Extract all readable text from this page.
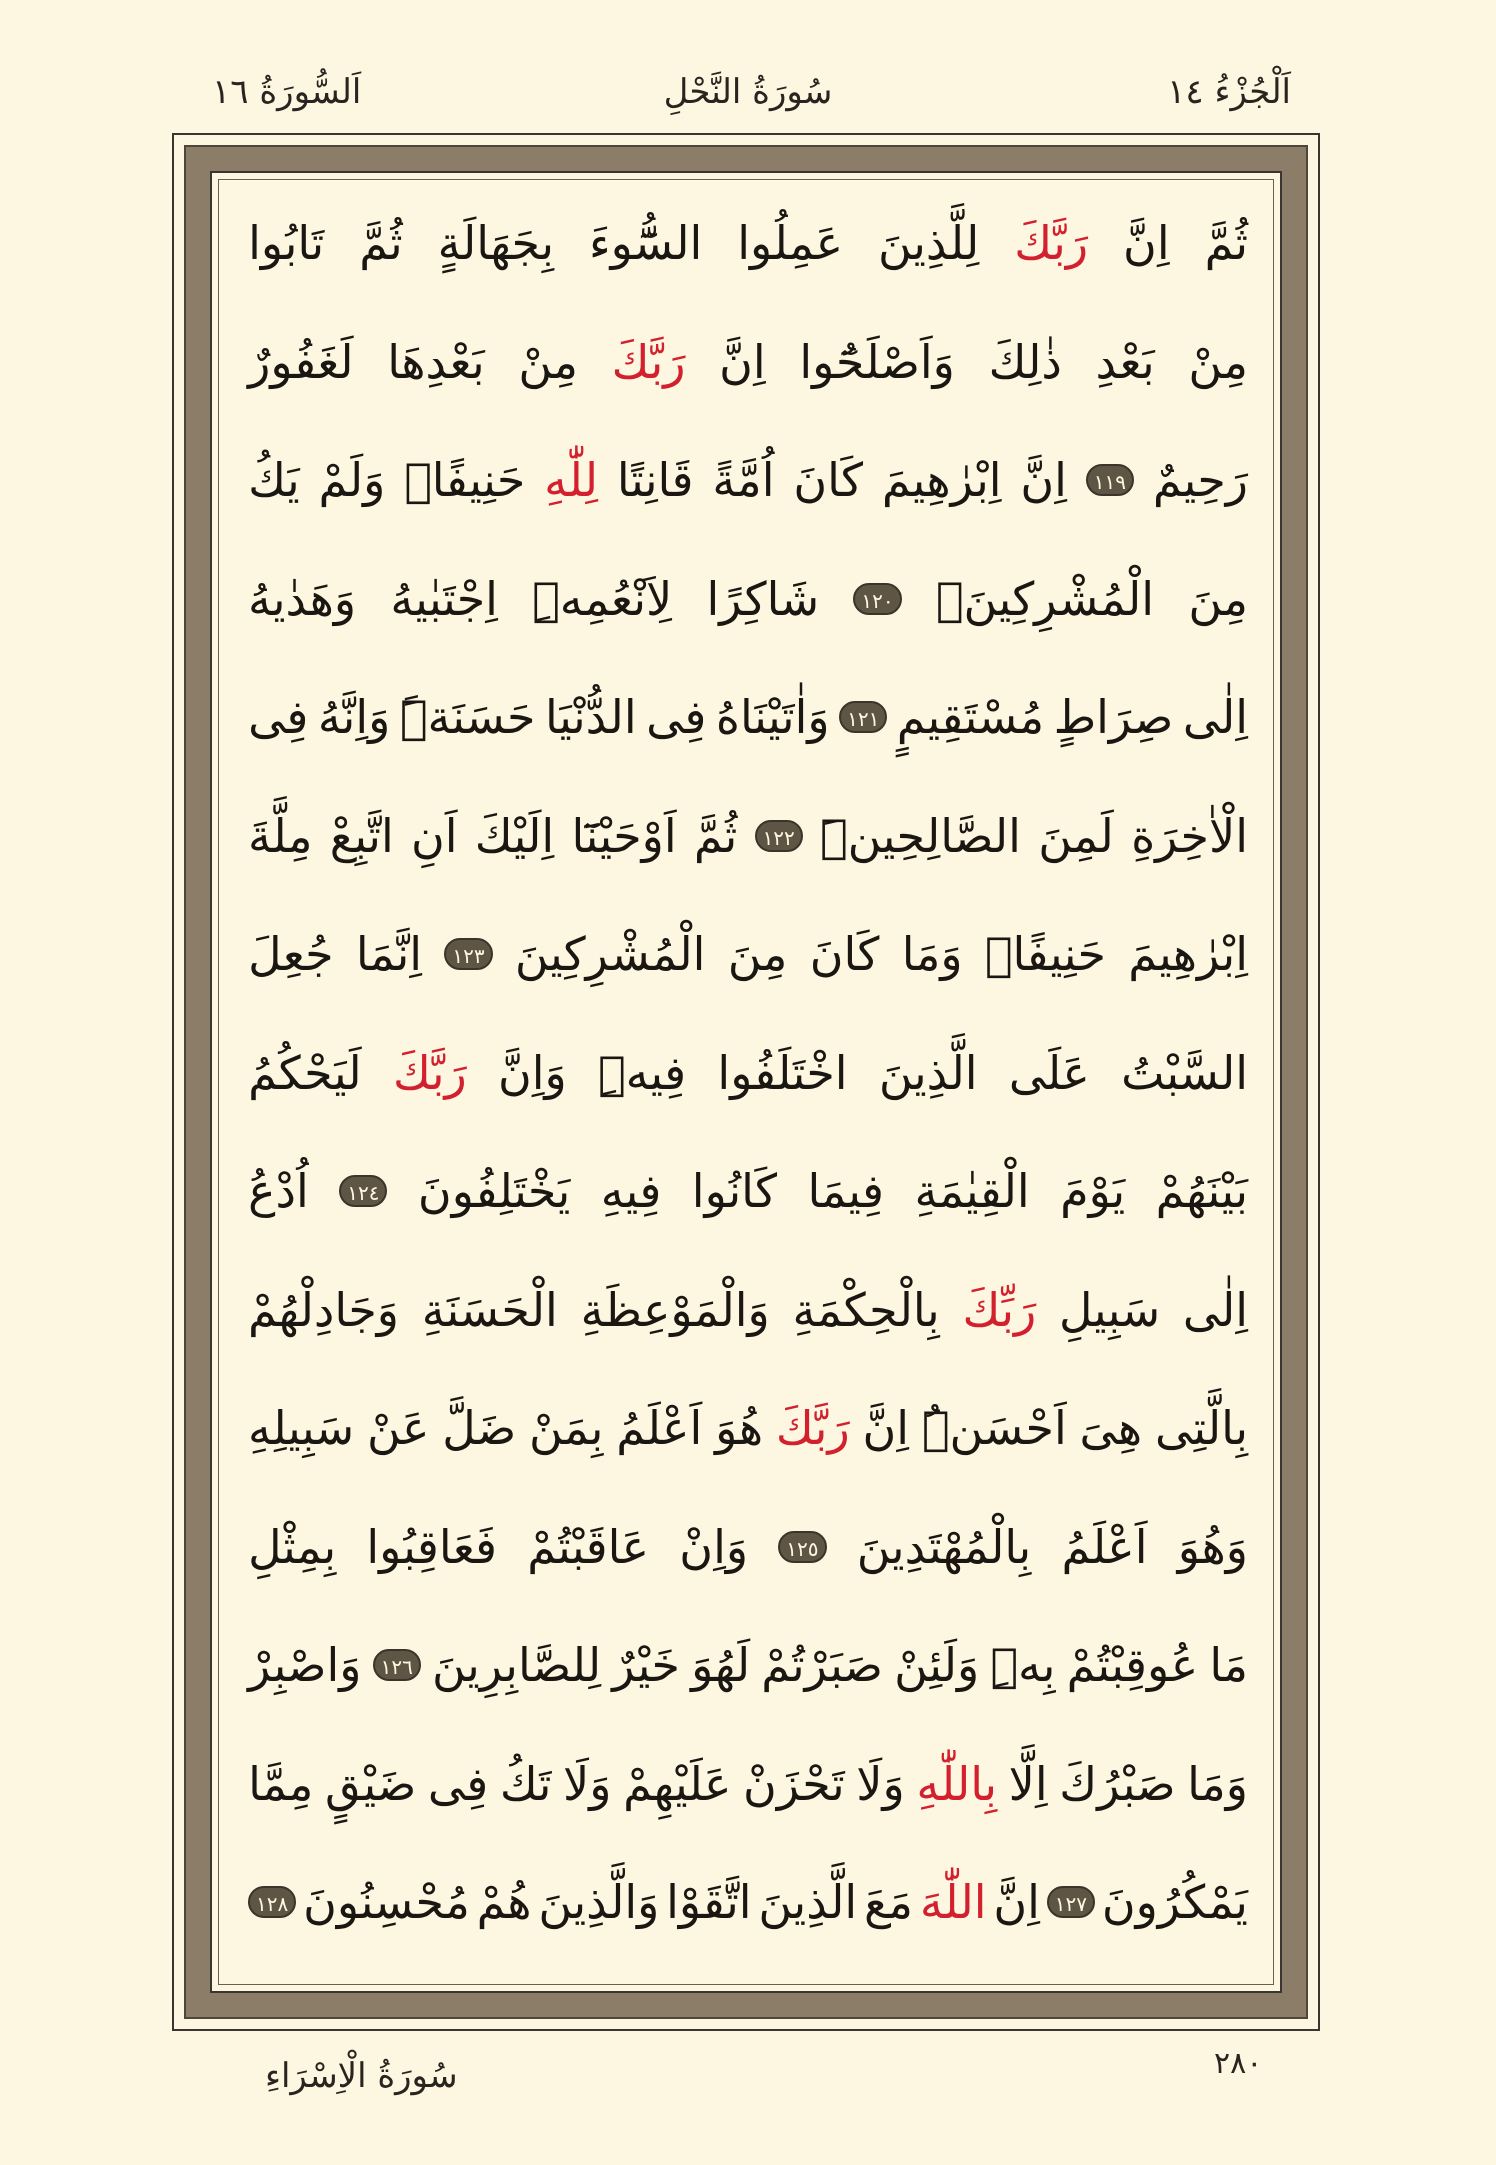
اَلْجُزْءُ ١٤
سُورَةُ النَّحْلِ
اَلسُّورَةُ ١٦
ثُمَّ
اِنَّ
رَبَّكَ
لِلَّذِينَ
عَمِلُوا
السُّٓوءَ
بِجَهَالَةٍ
ثُمَّ
تَابُوا
مِنْ
بَعْدِ
ذٰلِكَ
وَاَصْلَحُٓوا
اِنَّ
رَبَّكَ
مِنْ
بَعْدِهَا
لَغَفُورٌ
رَحِيمٌ
١١٩
اِنَّ
اِبْرٰهِيمَ
كَانَ
اُمَّةً
قَانِتًا
لِلّٰهِ
حَنِيفًاۜ
وَلَمْ
يَكُ
مِنَ
الْمُشْرِكِينَۙ
١٢٠
شَاكِرًا
لِاَنْعُمِهِۜ
اِجْتَبٰيهُ
وَهَدٰيهُ
اِلٰى
صِرَاطٍ
مُسْتَقِيمٍ
١٢١
وَاٰتَيْنَاهُ
فِى
الدُّنْيَا
حَسَنَةًۜ
وَاِنَّهُ
فِى
الْاٰخِرَةِ
لَمِنَ
الصَّالِحِينَۜ
١٢٢
ثُمَّ
اَوْحَيْنَٓا
اِلَيْكَ
اَنِ
اتَّبِعْ
مِلَّةَ
اِبْرٰهِيمَ
حَنِيفًاۜ
وَمَا
كَانَ
مِنَ
الْمُشْرِكِينَ
١٢٣
اِنَّمَا
جُعِلَ
السَّبْتُ
عَلَى
الَّذِينَ
اخْتَلَفُوا
فِيهِۜ
وَاِنَّ
رَبَّكَ
لَيَحْكُمُ
بَيْنَهُمْ
يَوْمَ
الْقِيٰمَةِ
فِيمَا
كَانُوا
فِيهِ
يَخْتَلِفُونَ
١٢٤
اُدْعُ
اِلٰى
سَبِيلِ
رَبِّكَ
بِالْحِكْمَةِ
وَالْمَوْعِظَةِ
الْحَسَنَةِ
وَجَادِلْهُمْ
بِالَّتِى
هِىَ
اَحْسَنُۜ
اِنَّ
رَبَّكَ
هُوَ
اَعْلَمُ
بِمَنْ
ضَلَّ
عَنْ
سَبِيلِهِ
وَهُوَ
اَعْلَمُ
بِالْمُهْتَدِينَ
١٢٥
وَاِنْ
عَاقَبْتُمْ
فَعَاقِبُوا
بِمِثْلِ
مَا
عُوقِبْتُمْ
بِهِۜ
وَلَئِنْ
صَبَرْتُمْ
لَهُوَ
خَيْرٌ
لِلصَّابِرِينَ
١٢٦
وَاصْبِرْ
وَمَا
صَبْرُكَ
اِلَّا
بِاللّٰهِ
وَلَا
تَحْزَنْ
عَلَيْهِمْ
وَلَا
تَكُ
فِى
ضَيْقٍ
مِمَّا
يَمْكُرُونَ
١٢٧
اِنَّ
اللّٰهَ
مَعَ
الَّذِينَ
اتَّقَوْا
وَالَّذِينَ
هُمْ
مُحْسِنُونَ
١٢٨
٢٨٠
سُورَةُ الْاِسْرَاءِ
